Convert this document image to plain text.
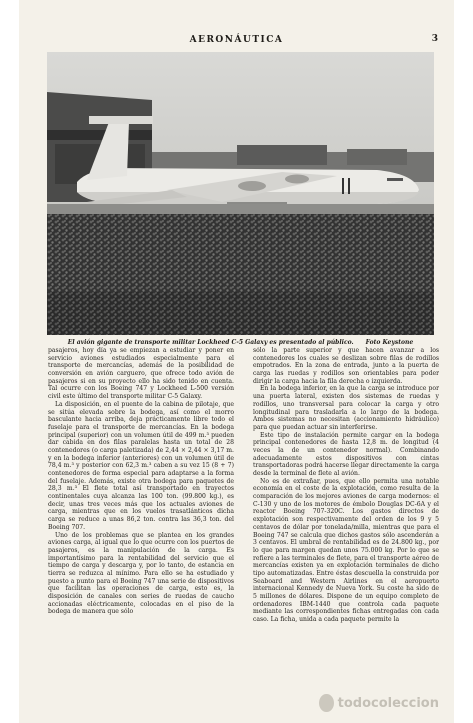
AERONÁUTICA	3
El avión gigante de transporte militar Lockheed C-5 Galaxy es presentado al público. Foto Keystone

pasajeros, hoy día ya se empiezan a estudiar y poner en servicio aviones estudiados especialmente para el transporte de mercancías, además de la posibilidad de conversión en avión carguero, que ofrece todo avión de pasajeros si en su proyecto ello ha sido tenido en cuenta. Tal ocurre con los Boeing 747 y Lockheed L-500 versión civil este último del transporte militar C-5 Galaxy.

La disposición, en el puente de la cabina de pilotaje, que se sitúa elevada sobre la bodega, así como el morro basculante hacia arriba, deja prácticamente libre todo el fuselaje para el transporte de mercancías. En la bodega principal (superior) con un volumen útil de 499 m.³ pueden dar cabida en dos filas paralelas hasta un total de 28 contenedores (o carga paletizada) de 2,44 × 2,44 × 3,17 m. y en la bodega inferior (anteriores) con un volumen útil de 78,4 m.³ y posterior con 62,3 m.³ caben a su vez 15 (8 + 7) contenedores de forma especial para adaptarse a la forma del fuselaje. Además, existe otra bodega para paquetes de 28,3 m.³ El flete total así transportado en trayectos continentales cuya alcanza las 100 ton. (99.800 kg.), es decir, unas tres veces más que los actuales aviones de carga, mientras que en los vuelos trasatlánticos dicha carga se reduce a unas 86,2 ton. contra las 36,3 ton. del Boeing 707.

Uno de los problemas que se plantea en los grandes aviones carga, al igual que lo que ocurre con los puertos de pasajeros, es la manipulación de la carga. Es importantísimo para la rentabilidad del servicio que el tiempo de carga y descarga y, por lo tanto, de estancia en tierra se reduzca al mínimo. Para ello se ha estudiado y puesto a punto para el Boeing 747 una serie de dispositivos que facilitan las operaciones de carga, esto es, la disposición de canales con series de ruedas de caucho accionadas eléctricamente, colocadas en el piso de la bodega de manera que sólo

sólo la parte superior y que hacen avanzar a los contenedores los cuales se deslizan sobre filas de rodillos empotrados. En la zona de entrada, junto a la puerta de carga las ruedas y rodillos son orientables para poder dirigir la carga hacia la fila derecha o izquierda.

En la bodega inferior, en la que la carga se introduce por una puerta lateral, existen dos sistemas de ruedas y rodillos, uno transversal para colocar la carga y otro longitudinal para trasladarla a lo largo de la bodega. Ambos sistemas no necesitan (accionamiento hidráulico) para que puedan actuar sin interferirse.

Este tipo de instalación permite cargar en la bodega principal contenedores de hasta 12,8 m. de longitud (4 veces la de un contenedor normal). Combinando adecuadamente estos dispositivos con cintas transportadoras podrá hacerse llegar directamente la carga desde la terminal de flete al avión.

No es de extrañar, pues, que ello permita una notable economía en el coste de la explotación, como resulta de la comparación de los mejores aviones de carga modernos: el C-130 y uno de los motores de émbolo Douglas DC-6A y el reactor Boeing 707-320C. Los gastos directos de explotación son respectivamente del orden de los 9 y 5 centavos de dólar por tonelada/milla, mientras que para el Boeing 747 se calcula que dichos gastos sólo ascenderán a 3 centavos. El umbral de rentabilidad es de 24.800 kg., por lo que para margen quedan unos 75.000 kg. Por lo que se refiere a las terminales de flete, para el transporte aéreo de mercancías existen ya en explotación terminales de dicho tipo automatizadas. Entre éstas descuella la construida por Seaboard and Western Airlines en el aeropuerto internacional Kennedy de Nueva York. Su coste ha sido de 5 millones de dólares. Dispone de un equipo completo de ordenadores IBM-1440 que controla cada paquete mediante las correspondientes fichas entregadas con cada caso. La ficha, unida a cada paquete permite la

todocoleccion
